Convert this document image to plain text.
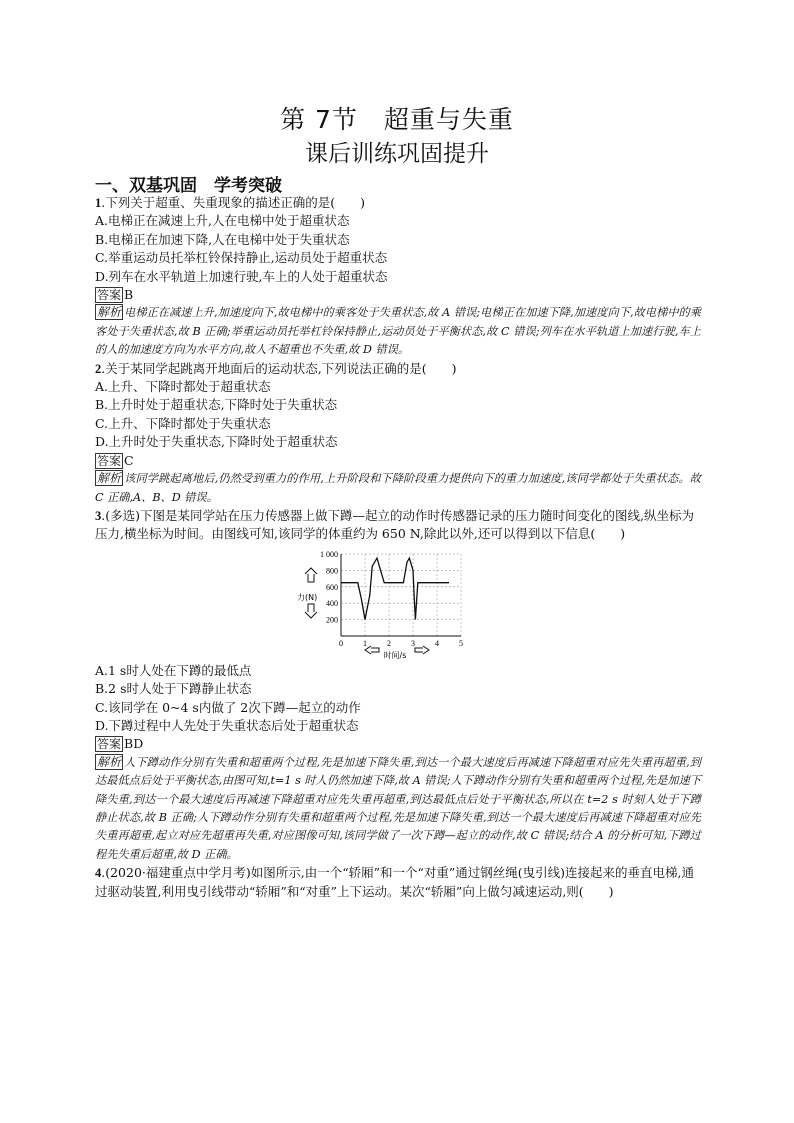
第 7节　超重与失重
课后训练巩固提升
一、双基巩固　学考突破

1.下列关于超重、失重现象的描述正确的是(　　)

A.电梯正在减速上升,人在电梯中处于超重状态

B.电梯正在加速下降,人在电梯中处于失重状态

C.举重运动员托举杠铃保持静止,运动员处于超重状态

D.列车在水平轨道上加速行驶,车上的人处于超重状态

答案 B

解析 电梯正在减速上升,加速度向下,故电梯中的乘客处于失重状态,故 A 错误;电梯正在加速下降,加速度向下,故电梯中的乘客处于失重状态,故 B 正确;举重运动员托举杠铃保持静止,运动员处于平衡状态,故 C 错误;列车在水平轨道上加速行驶,车上的人的加速度方向为水平方向,故人不超重也不失重,故 D 错误。

2.关于某同学起跳离开地面后的运动状态,下列说法正确的是(　　)

A.上升、下降时都处于超重状态

B.上升时处于超重状态,下降时处于失重状态

C.上升、下降时都处于失重状态

D.上升时处于失重状态,下降时处于超重状态

答案 C

解析 该同学跳起离地后,仍然受到重力的作用,上升阶段和下降阶段重力提供向下的重力加速度,该同学都处于失重状态。故 C 正确,A、B、D 错误。

3.(多选)下图是某同学站在压力传感器上做下蹲—起立的动作时传感器记录的压力随时间变化的图线,纵坐标为压力,横坐标为时间。由图线可知,该同学的体重约为 650 N,除此以外,还可以得到以下信息(　　)

0	1	2	3	4	5
200
400
600
800
1 000
力(N)
时间/s

A.1 s时人处在下蹲的最低点

B.2 s时人处于下蹲静止状态

C.该同学在 0~4 s内做了 2次下蹲—起立的动作

D.下蹲过程中人先处于失重状态后处于超重状态

答案 BD

解析 人下蹲动作分别有失重和超重两个过程,先是加速下降失重,到达一个最大速度后再减速下降超重对应先失重再超重,到达最低点后处于平衡状态,由图可知,t=1 s 时人仍然加速下降,故 A 错误;人下蹲动作分别有失重和超重两个过程,先是加速下降失重,到达一个最大速度后再减速下降超重对应先失重再超重,到达最低点后处于平衡状态,所以在 t=2 s 时刻人处于下蹲静止状态,故 B 正确;人下蹲动作分别有失重和超重两个过程,先是加速下降失重,到达一个最大速度后再减速下降超重对应先失重再超重,起立对应先超重再失重,对应图像可知,该同学做了一次下蹲—起立的动作,故 C 错误;结合 A 的分析可知,下蹲过程先失重后超重,故 D 正确。

4.(2020·福建重点中学月考)如图所示,由一个“轿厢”和一个“对重”通过钢丝绳(曳引线)连接起来的垂直电梯,通过驱动装置,利用曳引线带动“轿厢”和“对重”上下运动。某次“轿厢”向上做匀减速运动,则(　　)
